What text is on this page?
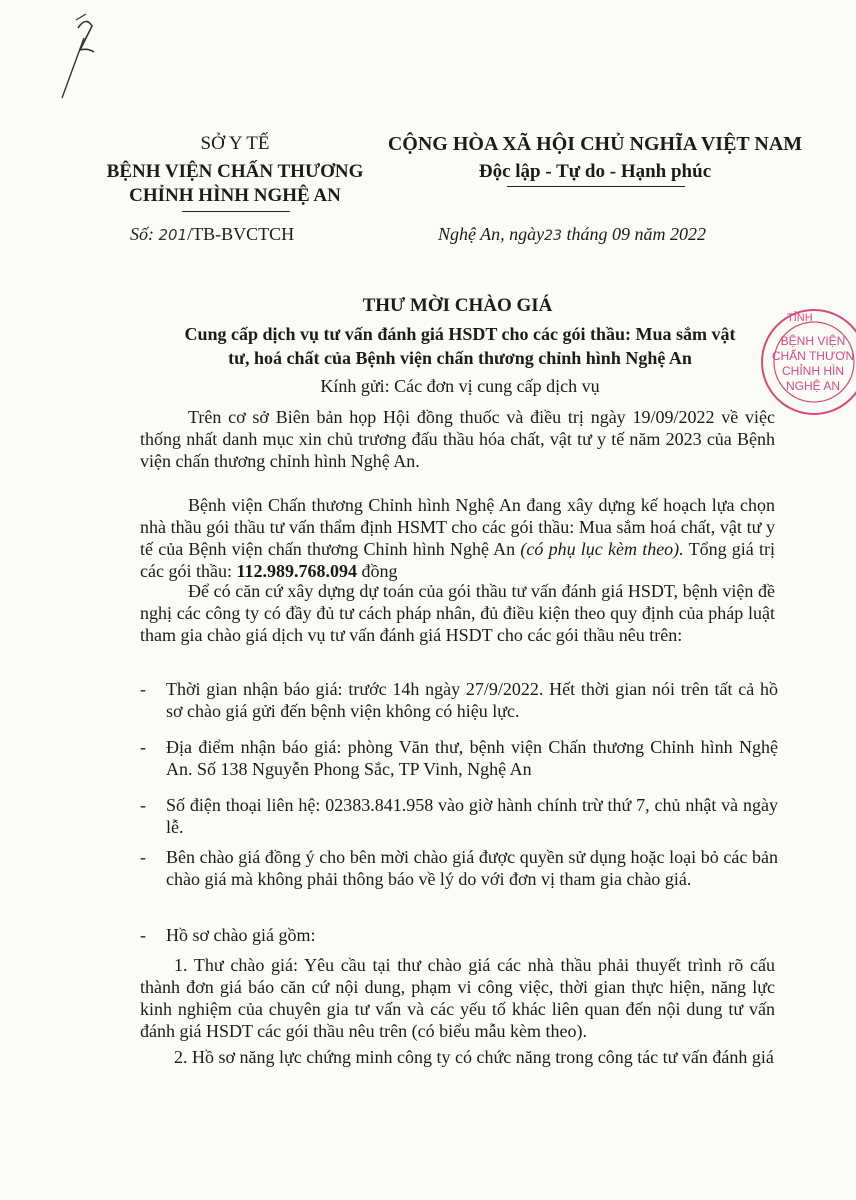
SỞ Y TẾ
BỆNH VIỆN CHẤN THƯƠNG
CHỈNH HÌNH NGHỆ AN
CỘNG HÒA XÃ HỘI CHỦ NGHĨA VIỆT NAM
Độc lập - Tự do - Hạnh phúc
Số: 201/TB-BVCTCH	Nghệ An, ngày23 tháng 09 năm 2022
THƯ MỜI CHÀO GIÁ
Cung cấp dịch vụ tư vấn đánh giá HSDT cho các gói thầu: Mua sắm vật
tư, hoá chất của Bệnh viện chấn thương chỉnh hình Nghệ An
Kính gửi: Các đơn vị cung cấp dịch vụ
TỈNH
BỆNH VIỆN
CHẤN THƯƠN
CHỈNH HÌN
NGHỆ AN
Trên cơ sở Biên bản họp Hội đồng thuốc và điều trị ngày 19/09/2022 về việc thống nhất danh mục xin chủ trương đấu thầu hóa chất, vật tư y tế năm 2023 của Bệnh viện chấn thương chỉnh hình Nghệ An.
Bệnh viện Chấn thương Chỉnh hình Nghệ An đang xây dựng kế hoạch lựa chọn nhà thầu gói thầu tư vấn thẩm định HSMT cho các gói thầu: Mua sắm hoá chất, vật tư y tế của Bệnh viện chấn thương Chỉnh hình Nghệ An (có phụ lục kèm theo). Tổng giá trị các gói thầu: 112.989.768.094 đồng
Để có căn cứ xây dựng dự toán của gói thầu tư vấn đánh giá HSDT, bệnh viện đề nghị các công ty có đầy đủ tư cách pháp nhân, đủ điều kiện theo quy định của pháp luật tham gia chào giá dịch vụ tư vấn đánh giá HSDT cho các gói thầu nêu trên:
-	Thời gian nhận báo giá: trước 14h ngày 27/9/2022. Hết thời gian nói trên tất cả hồ sơ chào giá gửi đến bệnh viện không có hiệu lực.
-	Địa điểm nhận báo giá: phòng Văn thư, bệnh viện Chấn thương Chỉnh hình Nghệ An. Số 138 Nguyễn Phong Sắc, TP Vinh, Nghệ An
-	Số điện thoại liên hệ: 02383.841.958 vào giờ hành chính trừ thứ 7, chủ nhật và ngày lễ.
-	Bên chào giá đồng ý cho bên mời chào giá được quyền sử dụng hoặc loại bỏ các bản chào giá mà không phải thông báo về lý do với đơn vị tham gia chào giá.
-	Hồ sơ chào giá gồm:
1. Thư chào giá: Yêu cầu tại thư chào giá các nhà thầu phải thuyết trình rõ cấu thành đơn giá báo căn cứ nội dung, phạm vi công việc, thời gian thực hiện, năng lực kinh nghiệm của chuyên gia tư vấn và các yếu tố khác liên quan đến nội dung tư vấn đánh giá HSDT các gói thầu nêu trên (có biểu mẫu kèm theo).
2. Hồ sơ năng lực chứng minh công ty có chức năng trong công tác tư vấn đánh giá
